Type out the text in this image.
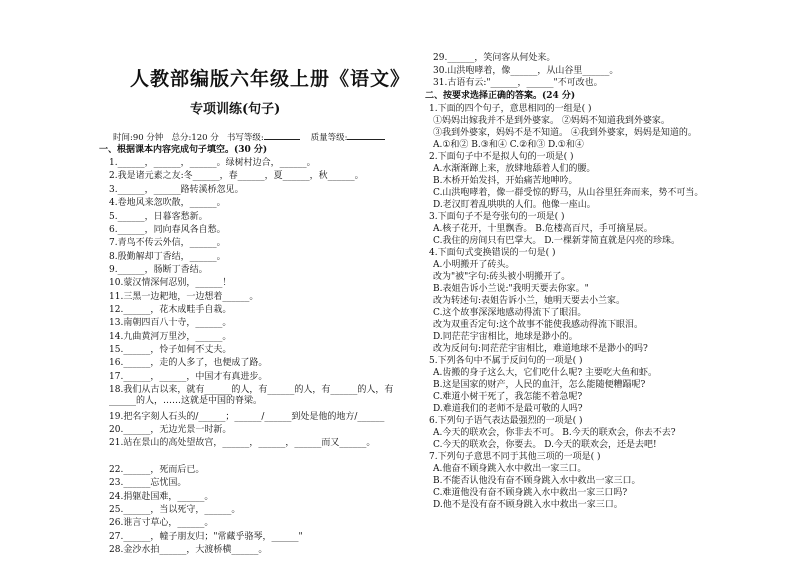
人教部编版六年级上册《语文》
专项训练(句子)
时间:90 分钟 总分:120 分 书写等级:	质量等级:
一、根据课本内容完成句子填空。(30 分)
1.______，______，______。绿树村边合，______。
2.我是诸元素之友:冬______，春______，夏______，秋______。
3.______，______路转溪桥忽见。
4.卷地风来忽吹散，______。
5.______，日暮客愁新。
6.______，同向春风各自愁。
7.青鸟不传云外信，______。
8.殷勤解却丁香结，______。
9.______，肠断丁香结。
10.蒙汉情深何忍别，______！
11.三黑一边耙地，一边想着______。
12.______，花木成畦手自栽。
13.南朝四百八十寺，______。
14.九曲黄河万里沙，______。
15.______，怜子如何不丈夫。
16.______，走的人多了，也便成了路。
17.______，______，中国才有真进步。
18.我们从古以来，就有______的人，有______的人，有______的人，有______的人，……这就是中国的脊梁。
19.把名字刻人石头的/______；______/______到处是他的地方/______
20.______，无边光景一时新。
21.站在景山的高处望故宫，______，______，______而又______。
22.______，死而后已。
23.______忘忧国。
24.捐躯赴国难，______。
25.______，当以死守，______。
26.谁言寸草心，______。
27.______，幢子朋友归；"常藏乎骆琴，______"
28.金沙水拍______，大渡桥横______。
29.______，笑问客从何处来。
30.山洪咆哮着，像______，从山谷里______。
31.古语有云:"______，______"不可改也。
二、按要求选择正确的答案。(24 分)
1.下面的四个句子，意思相同的一组是( )
①妈妈出嫁我并不是到外婆家。 ②妈妈不知道我到外婆家。
③我到外婆家，妈妈不是不知道。 ④我到外婆家，妈妈是知道的。
A.①和② B.③和④ C.②和③ D.①和④
2.下面句子中不是拟人句的一项是( )
A.水渐渐蹿上来，放肆地舔着人们的腰。
B.木桥开始发抖，开始痛苦地呻吟。
C.山洪咆哮着，像一群受惊的野马，从山谷里狂奔而来，势不可当。
D.老汉盯着乱哄哄的人们。他像一座山。
3.下面句子不是夸张句的一项是( )
A.核子花开，十里飘香。 B.危楼高百尺，手可摘星辰。
C.我住的房间只有巴掌大。 D.一棵新芽简直就是闪亮的珍珠。
4.下面句式变换错误的一句是( )
A.小明搬开了砖头。
改为"被"字句:砖头被小明搬开了。
B.表姐告诉小兰说:"我明天要去你家。"
改为转述句:表姐告诉小兰，她明天要去小兰家。
C.这个故事深深地感动得流下了眼泪。
改为双重否定句:这个故事不能使我感动得流下眼泪。
D.同茫茫宇宙相比，地球是渺小的。
改为反问句:同茫茫宇宙相比，难道地球不是渺小的吗?
5.下列各句中不属于反问句的一项是( )
A.齿搬的身子这么大，它们吃什么呢? 主要吃大鱼和虾。
B.这是国家的财产，人民的血汗，怎么能随便糟蹋呢?
C.难道小树干死了，我怎能不着急呢?
D.难道我们的老师不是最可敬的人吗?
6.下列句子语气表达最强烈的一项是( )
A.今天的联欢会，你非去不可。 B.今天的联欢会，你去不去?
C.今天的联欢会，你要去。 D.今天的联欢会，还是去吧!
7.下列句子意思不同于其他三项的一项是( )
A.他奋不顾身跳入水中救出一家三口。
B.不能否认他没有奋不顾身跳入水中救出一家三口。
C.难道他没有奋不顾身跳入水中救出一家三口吗?
D.他不是没有奋不顾身跳入水中救出一家三口。
